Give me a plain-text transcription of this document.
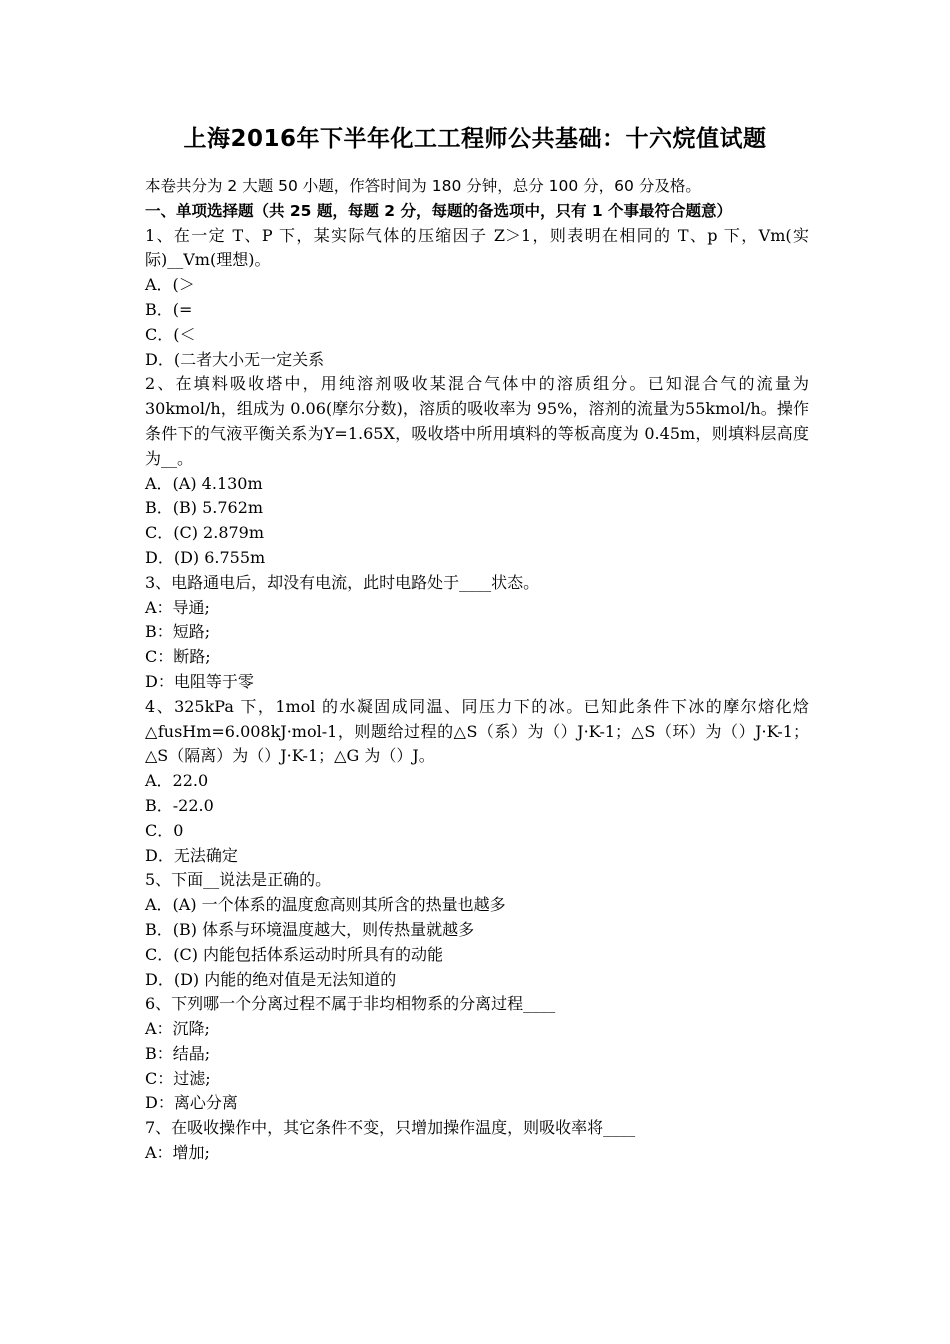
上海2016年下半年化工工程师公共基础：十六烷值试题
本卷共分为 2 大题 50 小题，作答时间为 180 分钟，总分 100 分，60 分及格。
一、单项选择题（共 25 题，每题 2 分，每题的备选项中，只有 1 个事最符合题意）
1、在一定 T、P 下，某实际气体的压缩因子 Z＞1，则表明在相同的 T、p 下，Vm(实际)__Vm(理想)。
A．(＞
B．(=
C．(＜
D．(二者大小无一定关系
2、在填料吸收塔中，用纯溶剂吸收某混合气体中的溶质组分。已知混合气的流量为 30kmol/h，组成为 0.06(摩尔分数)，溶质的吸收率为 95%，溶剂的流量为55kmol/h。操作条件下的气液平衡关系为Y=1.65X，吸收塔中所用填料的等板高度为 0.45m，则填料层高度为__。
A．(A) 4.130m
B．(B) 5.762m
C．(C) 2.879m
D．(D) 6.755m
3、电路通电后，却没有电流，此时电路处于____状态。
A：导通;
B：短路;
C：断路;
D：电阻等于零
4、325kPa 下，1mol 的水凝固成同温、同压力下的冰。已知此条件下冰的摩尔熔化焓△fusHm=6.008kJ·mol-1，则题给过程的△S（系）为（）J·K-1；△S（环）为（）J·K-1；△S（隔离）为（）J·K-1；△G 为（）J。
A．22.0
B．-22.0
C．0
D．无法确定
5、下面__说法是正确的。
A．(A) 一个体系的温度愈高则其所含的热量也越多
B．(B) 体系与环境温度越大，则传热量就越多
C．(C) 内能包括体系运动时所具有的动能
D．(D) 内能的绝对值是无法知道的
6、下列哪一个分离过程不属于非均相物系的分离过程____
A：沉降;
B：结晶;
C：过滤;
D：离心分离
7、在吸收操作中，其它条件不变，只增加操作温度，则吸收率将____
A：增加;
